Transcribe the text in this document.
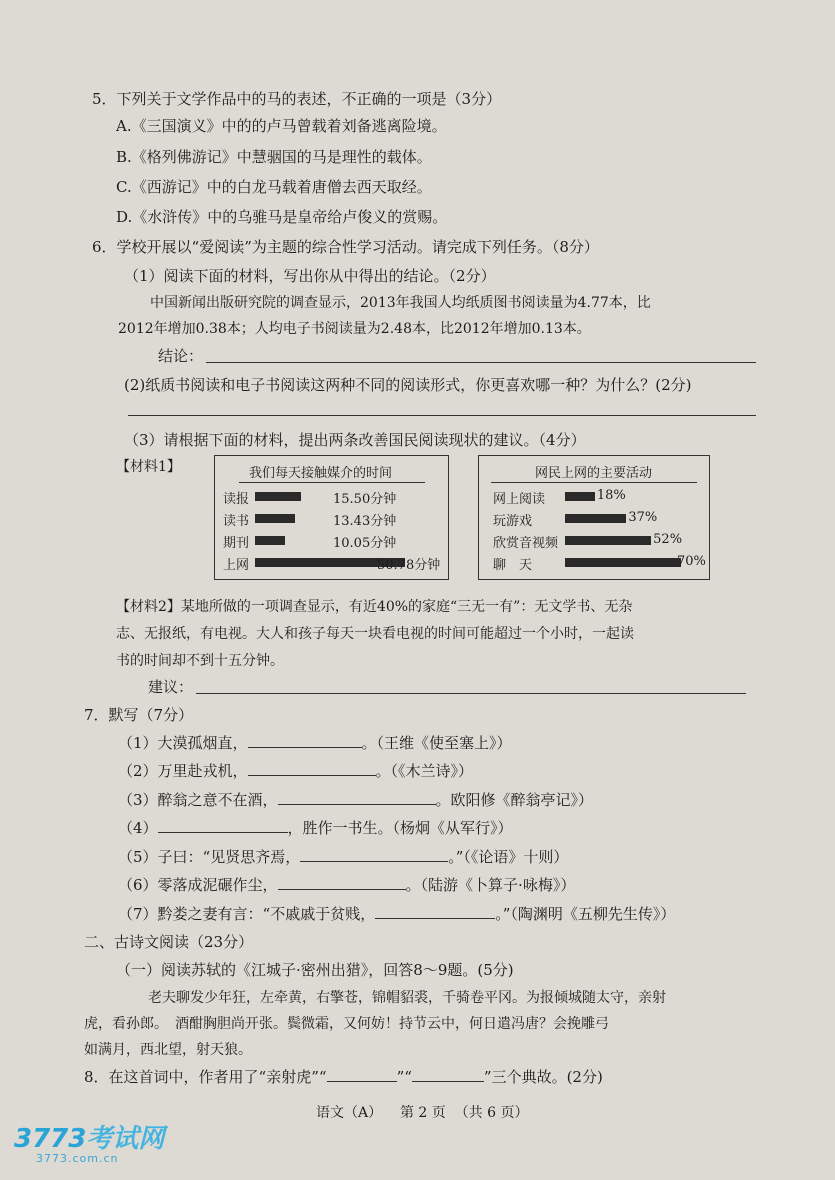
5．下列关于文学作品中的马的表述，不正确的一项是（3分）
A.《三国演义》中的的卢马曾载着刘备逃离险境。
B.《格列佛游记》中慧骃国的马是理性的载体。
C.《西游记》中的白龙马载着唐僧去西天取经。
D.《水浒传》中的乌骓马是皇帝给卢俊义的赏赐。
6．学校开展以“爱阅读”为主题的综合性学习活动。请完成下列任务。（8分）
（1）阅读下面的材料，写出你从中得出的结论。（2分）
中国新闻出版研究院的调查显示，2013年我国人均纸质图书阅读量为4.77本，比
2012年增加0.38本；人均电子书阅读量为2.48本，比2012年增加0.13本。
结论：
(2)纸质书阅读和电子书阅读这两种不同的阅读形式，你更喜欢哪一种？为什么？(2分)
（3）请根据下面的材料，提出两条改善国民阅读现状的建议。（4分）
【材料1】	我们每天接触媒介的时间
读报	15.50分钟
读书	13.43分钟
期刊	10.05分钟
上网	50.78分钟
网民上网的主要活动
网上阅读	18%
玩游戏	37%
欣赏音视频	52%
聊　天	70%
【材料2】某地所做的一项调查显示，有近40%的家庭“三无一有”：无文学书、无杂
志、无报纸，有电视。大人和孩子每天一块看电视的时间可能超过一个小时，一起读
书的时间却不到十五分钟。
建议：
7．默写（7分）
（1）大漠孤烟直，	。（王维《使至塞上》）
（2）万里赴戎机，	。（《木兰诗》）
（3）醉翁之意不在酒，	。欧阳修《醉翁亭记》）
（4）	，胜作一书生。（杨炯《从军行》）
（5）子曰：“见贤思齐焉，	。”（《论语》十则）
（6）零落成泥碾作尘，	。（陆游《卜算子·咏梅》）
（7）黔娄之妻有言：“不戚戚于贫贱，	。”（陶渊明《五柳先生传》）
二、古诗文阅读（23分）
（一）阅读苏轼的《江城子·密州出猎》，回答8～9题。(5分)
老夫聊发少年狂，左牵黄，右擎苍，锦帽貂裘，千骑卷平冈。为报倾城随太守，亲射
虎，看孙郎。　酒酣胸胆尚开张。鬓微霜，又何妨！持节云中，何日遣冯唐？会挽雕弓
如满月，西北望，射天狼。
8．在这首词中，作者用了“亲射虎”“	”“	”三个典故。(2分)
语文（A） 第 2 页 （共 6 页）
3773考试网
3773.com.cn
